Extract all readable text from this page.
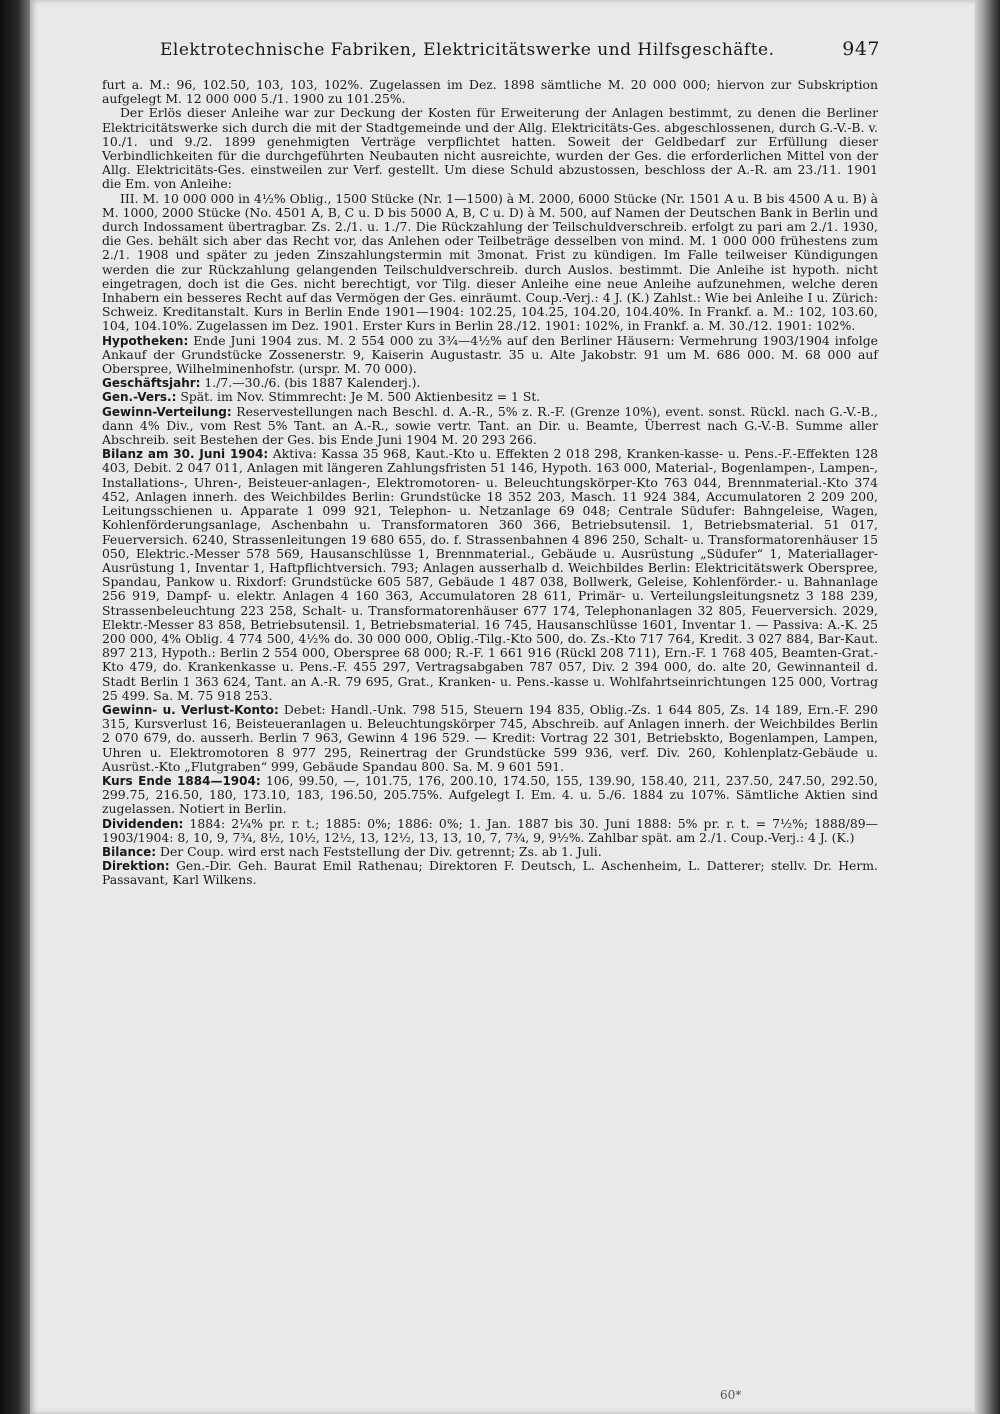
Elektrotechnische Fabriken, Elektricitätswerke und Hilfsgeschäfte.	947

furt a. M.: 96, 102.50, 103, 103, 102%. Zugelassen im Dez. 1898 sämtliche M. 20 000 000; hiervon zur Subskription aufgelegt M. 12 000 000 5./1. 1900 zu 101.25%.

Der Erlös dieser Anleihe war zur Deckung der Kosten für Erweiterung der Anlagen bestimmt, zu denen die Berliner Elektricitätswerke sich durch die mit der Stadtgemeinde und der Allg. Elektricitäts-Ges. abgeschlossenen, durch G.-V.-B. v. 10./1. und 9./2. 1899 genehmigten Verträge verpflichtet hatten. Soweit der Geldbedarf zur Erfüllung dieser Verbindlichkeiten für die durchgeführten Neubauten nicht ausreichte, wurden der Ges. die erforderlichen Mittel von der Allg. Elektricitäts-Ges. einstweilen zur Verf. gestellt. Um diese Schuld abzustossen, beschloss der A.-R. am 23./11. 1901 die Em. von Anleihe:

III. M. 10 000 000 in 4½% Oblig., 1500 Stücke (Nr. 1—1500) à M. 2000, 6000 Stücke (Nr. 1501 A u. B bis 4500 A u. B) à M. 1000, 2000 Stücke (No. 4501 A, B, C u. D bis 5000 A, B, C u. D) à M. 500, auf Namen der Deutschen Bank in Berlin und durch Indossament übertragbar. Zs. 2./1. u. 1./7. Die Rückzahlung der Teilschuldverschreib. erfolgt zu pari am 2./1. 1930, die Ges. behält sich aber das Recht vor, das Anlehen oder Teilbeträge desselben von mind. M. 1 000 000 frühestens zum 2./1. 1908 und später zu jeden Zinszahlungstermin mit 3monat. Frist zu kündigen. Im Falle teilweiser Kündigungen werden die zur Rückzahlung gelangenden Teilschuldverschreib. durch Auslos. bestimmt. Die Anleihe ist hypoth. nicht eingetragen, doch ist die Ges. nicht berechtigt, vor Tilg. dieser Anleihe eine neue Anleihe aufzunehmen, welche deren Inhabern ein besseres Recht auf das Vermögen der Ges. einräumt. Coup.-Verj.: 4 J. (K.) Zahlst.: Wie bei Anleihe I u. Zürich: Schweiz. Kreditanstalt. Kurs in Berlin Ende 1901—1904: 102.25, 104.25, 104.20, 104.40%. In Frankf. a. M.: 102, 103.60, 104, 104.10%. Zugelassen im Dez. 1901. Erster Kurs in Berlin 28./12. 1901: 102%, in Frankf. a. M. 30./12. 1901: 102%.

Hypotheken: Ende Juni 1904 zus. M. 2 554 000 zu 3¾—4½% auf den Berliner Häusern: Vermehrung 1903/1904 infolge Ankauf der Grundstücke Zossenerstr. 9, Kaiserin Augustastr. 35 u. Alte Jakobstr. 91 um M. 686 000. M. 68 000 auf Oberspree, Wilhelminenhofstr. (urspr. M. 70 000).

Geschäftsjahr: 1./7.—30./6. (bis 1887 Kalenderj.).

Gen.-Vers.: Spät. im Nov. Stimmrecht: Je M. 500 Aktienbesitz = 1 St.

Gewinn-Verteilung: Reservestellungen nach Beschl. d. A.-R., 5% z. R.-F. (Grenze 10%), event. sonst. Rückl. nach G.-V.-B., dann 4% Div., vom Rest 5% Tant. an A.-R., sowie vertr. Tant. an Dir. u. Beamte, Überrest nach G.-V.-B. Summe aller Abschreib. seit Bestehen der Ges. bis Ende Juni 1904 M. 20 293 266.

Bilanz am 30. Juni 1904: Aktiva: Kassa 35 968, Kaut.-Kto u. Effekten 2 018 298, Kranken-kasse- u. Pens.-F.-Effekten 128 403, Debit. 2 047 011, Anlagen mit längeren Zahlungsfristen 51 146, Hypoth. 163 000, Material-, Bogenlampen-, Lampen-, Installations-, Uhren-, Beisteuer-anlagen-, Elektromotoren- u. Beleuchtungskörper-Kto 763 044, Brennmaterial.-Kto 374 452, Anlagen innerh. des Weichbildes Berlin: Grundstücke 18 352 203, Masch. 11 924 384, Accumulatoren 2 209 200, Leitungsschienen u. Apparate 1 099 921, Telephon- u. Netzanlage 69 048; Centrale Südufer: Bahngeleise, Wagen, Kohlenförderungsanlage, Aschenbahn u. Transformatoren 360 366, Betriebsutensil. 1, Betriebsmaterial. 51 017, Feuerversich. 6240, Strassenleitungen 19 680 655, do. f. Strassenbahnen 4 896 250, Schalt- u. Transformatorenhäuser 15 050, Elektric.-Messer 578 569, Hausanschlüsse 1, Brennmaterial., Gebäude u. Ausrüstung „Südufer“ 1, Materiallager-Ausrüstung 1, Inventar 1, Haftpflichtversich. 793; Anlagen ausserhalb d. Weichbildes Berlin: Elektricitätswerk Oberspree, Spandau, Pankow u. Rixdorf: Grundstücke 605 587, Gebäude 1 487 038, Bollwerk, Geleise, Kohlenförder.- u. Bahnanlage 256 919, Dampf- u. elektr. Anlagen 4 160 363, Accumulatoren 28 611, Primär- u. Verteilungsleitungsnetz 3 188 239, Strassenbeleuchtung 223 258, Schalt- u. Transformatorenhäuser 677 174, Telephonanlagen 32 805, Feuerversich. 2029, Elektr.-Messer 83 858, Betriebsutensil. 1, Betriebsmaterial. 16 745, Hausanschlüsse 1601, Inventar 1. — Passiva: A.-K. 25 200 000, 4% Oblig. 4 774 500, 4½% do. 30 000 000, Oblig.-Tilg.-Kto 500, do. Zs.-Kto 717 764, Kredit. 3 027 884, Bar-Kaut. 897 213, Hypoth.: Berlin 2 554 000, Oberspree 68 000; R.-F. 1 661 916 (Rückl 208 711), Ern.-F. 1 768 405, Beamten-Grat.-Kto 479, do. Krankenkasse u. Pens.-F. 455 297, Vertragsabgaben 787 057, Div. 2 394 000, do. alte 20, Gewinnanteil d. Stadt Berlin 1 363 624, Tant. an A.-R. 79 695, Grat., Kranken- u. Pens.-kasse u. Wohlfahrtseinrichtungen 125 000, Vortrag 25 499. Sa. M. 75 918 253.

Gewinn- u. Verlust-Konto: Debet: Handl.-Unk. 798 515, Steuern 194 835, Oblig.-Zs. 1 644 805, Zs. 14 189, Ern.-F. 290 315, Kursverlust 16, Beisteueranlagen u. Beleuchtungskörper 745, Abschreib. auf Anlagen innerh. der Weichbildes Berlin 2 070 679, do. ausserh. Berlin 7 963, Gewinn 4 196 529. — Kredit: Vortrag 22 301, Betriebskto, Bogenlampen, Lampen, Uhren u. Elektromotoren 8 977 295, Reinertrag der Grundstücke 599 936, verf. Div. 260, Kohlenplatz-Gebäude u. Ausrüst.-Kto „Flutgraben“ 999, Gebäude Spandau 800. Sa. M. 9 601 591.

Kurs Ende 1884—1904: 106, 99.50, —, 101.75, 176, 200.10, 174.50, 155, 139.90, 158.40, 211, 237.50, 247.50, 292.50, 299.75, 216.50, 180, 173.10, 183, 196.50, 205.75%. Aufgelegt I. Em. 4. u. 5./6. 1884 zu 107%. Sämtliche Aktien sind zugelassen. Notiert in Berlin.

Dividenden: 1884: 2¼% pr. r. t.; 1885: 0%; 1886: 0%; 1. Jan. 1887 bis 30. Juni 1888: 5% pr. r. t. = 7½%; 1888/89—1903/1904: 8, 10, 9, 7¾, 8½, 10½, 12½, 13, 12½, 13, 13, 10, 7, 7¾, 9, 9½%. Zahlbar spät. am 2./1. Coup.-Verj.: 4 J. (K.)

Bilance: Der Coup. wird erst nach Feststellung der Div. getrennt; Zs. ab 1. Juli.

Direktion: Gen.-Dir. Geh. Baurat Emil Rathenau; Direktoren F. Deutsch, L. Aschenheim, L. Datterer; stellv. Dr. Herm. Passavant, Karl Wilkens.

60*
